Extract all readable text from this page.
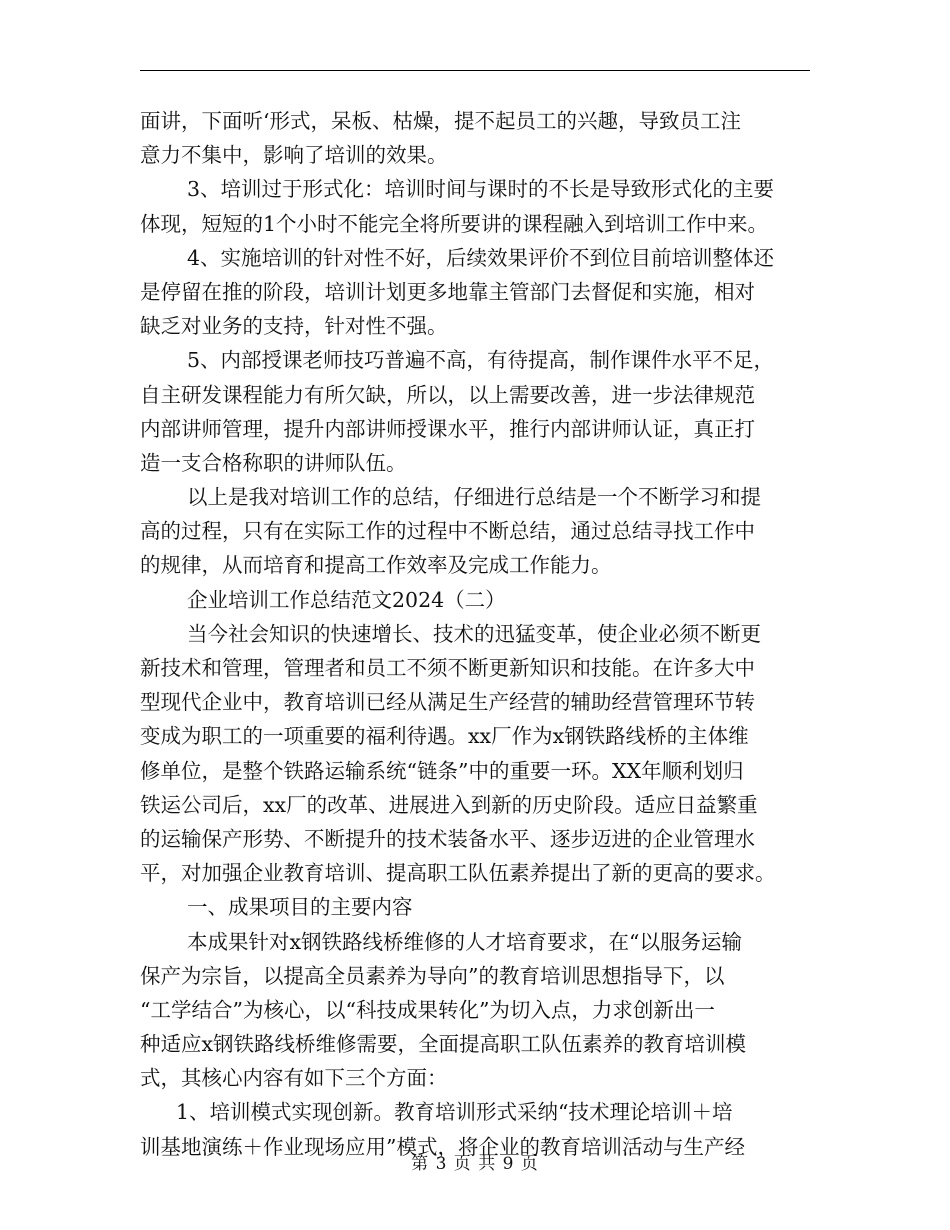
面讲，下面听‘形式，呆板、枯燥，提不起员工的兴趣，导致员工注
意力不集中，影响了培训的效果。
3、培训过于形式化：培训时间与课时的不长是导致形式化的主要
体现，短短的1个小时不能完全将所要讲的课程融入到培训工作中来。
4、实施培训的针对性不好，后续效果评价不到位目前培训整体还
是停留在推的阶段，培训计划更多地靠主管部门去督促和实施，相对
缺乏对业务的支持，针对性不强。
5、内部授课老师技巧普遍不高，有待提高，制作课件水平不足，
自主研发课程能力有所欠缺，所以，以上需要改善，进一步法律规范
内部讲师管理，提升内部讲师授课水平，推行内部讲师认证，真正打
造一支合格称职的讲师队伍。
以上是我对培训工作的总结，仔细进行总结是一个不断学习和提
高的过程，只有在实际工作的过程中不断总结，通过总结寻找工作中
的规律，从而培育和提高工作效率及完成工作能力。
企业培训工作总结范文2024（二）
当今社会知识的快速增长、技术的迅猛变革，使企业必须不断更
新技术和管理，管理者和员工不须不断更新知识和技能。在许多大中
型现代企业中，教育培训已经从满足生产经营的辅助经营管理环节转
变成为职工的一项重要的福利待遇。xx厂作为x钢铁路线桥的主体维
修单位，是整个铁路运输系统“链条”中的重要一环。XX年顺利划归
铁运公司后，xx厂的改革、进展进入到新的历史阶段。适应日益繁重
的运输保产形势、不断提升的技术装备水平、逐步迈进的企业管理水
平，对加强企业教育培训、提高职工队伍素养提出了新的更高的要求。
一、成果项目的主要内容
本成果针对x钢铁路线桥维修的人才培育要求，在“以服务运输
保产为宗旨，以提高全员素养为导向”的教育培训思想指导下，以
“工学结合”为核心，以“科技成果转化”为切入点，力求创新出一
种适应x钢铁路线桥维修需要，全面提高职工队伍素养的教育培训模
式，其核心内容有如下三个方面：
1、培训模式实现创新。教育培训形式采纳“技术理论培训＋培
训基地演练＋作业现场应用”模式，将企业的教育培训活动与生产经
第 3 页 共 9 页
